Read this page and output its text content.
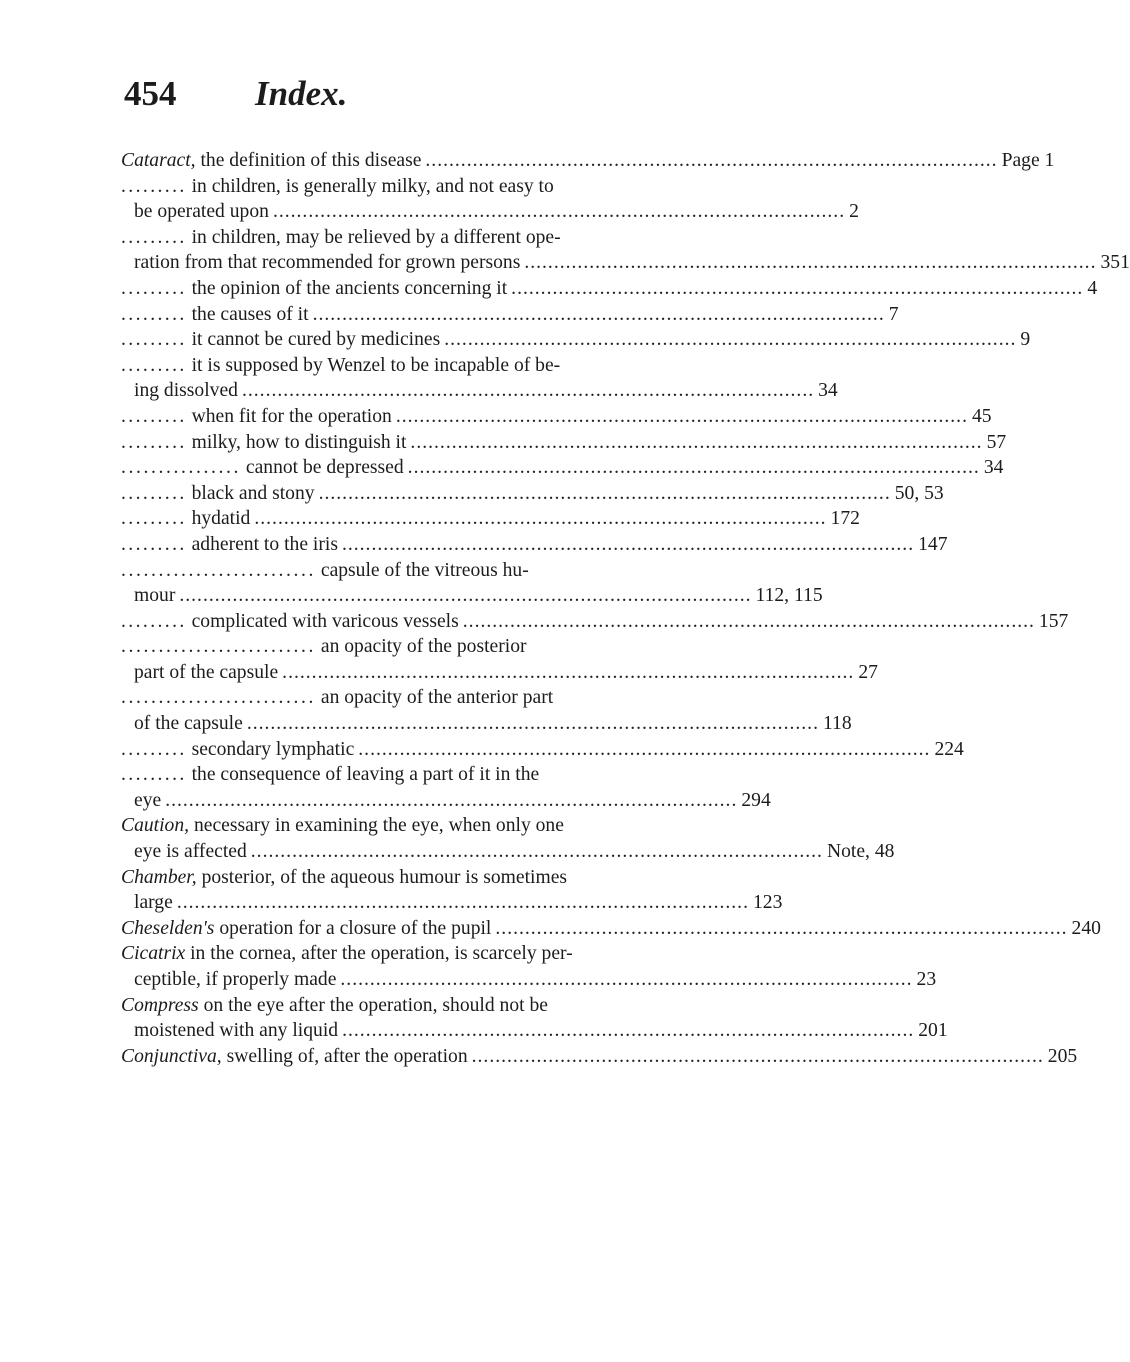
454 Index.
Cataract, the definition of this disease ................................................................................................. Page 1
......... in children, is generally milky, and not easy to
be operated upon ................................................................................................. 2
......... in children, may be relieved by a different ope-
ration from that recommended for grown persons ................................................................................................. 351
......... the opinion of the ancients concerning it ................................................................................................. 4
......... the causes of it ................................................................................................. 7
......... it cannot be cured by medicines ................................................................................................. 9
......... it is supposed by Wenzel to be incapable of be-
ing dissolved ................................................................................................. 34
......... when fit for the operation ................................................................................................. 45
......... milky, how to distinguish it ................................................................................................. 57
................ cannot be depressed ................................................................................................. 34
......... black and stony ................................................................................................. 50, 53
......... hydatid ................................................................................................. 172
......... adherent to the iris ................................................................................................. 147
.......................... capsule of the vitreous hu-
mour ................................................................................................. 112, 115
......... complicated with varicous vessels ................................................................................................. 157
.......................... an opacity of the posterior
part of the capsule ................................................................................................. 27
.......................... an opacity of the anterior part
of the capsule ................................................................................................. 118
......... secondary lymphatic ................................................................................................. 224
......... the consequence of leaving a part of it in the
eye ................................................................................................. 294
Caution, necessary in examining the eye, when only one
eye is affected ................................................................................................. Note, 48
Chamber, posterior, of the aqueous humour is sometimes
large ................................................................................................. 123
Cheselden's operation for a closure of the pupil ................................................................................................. 240
Cicatrix in the cornea, after the operation, is scarcely per-
ceptible, if properly made ................................................................................................. 23
Compress on the eye after the operation, should not be
moistened with any liquid ................................................................................................. 201
Conjunctiva, swelling of, after the operation ................................................................................................. 205
